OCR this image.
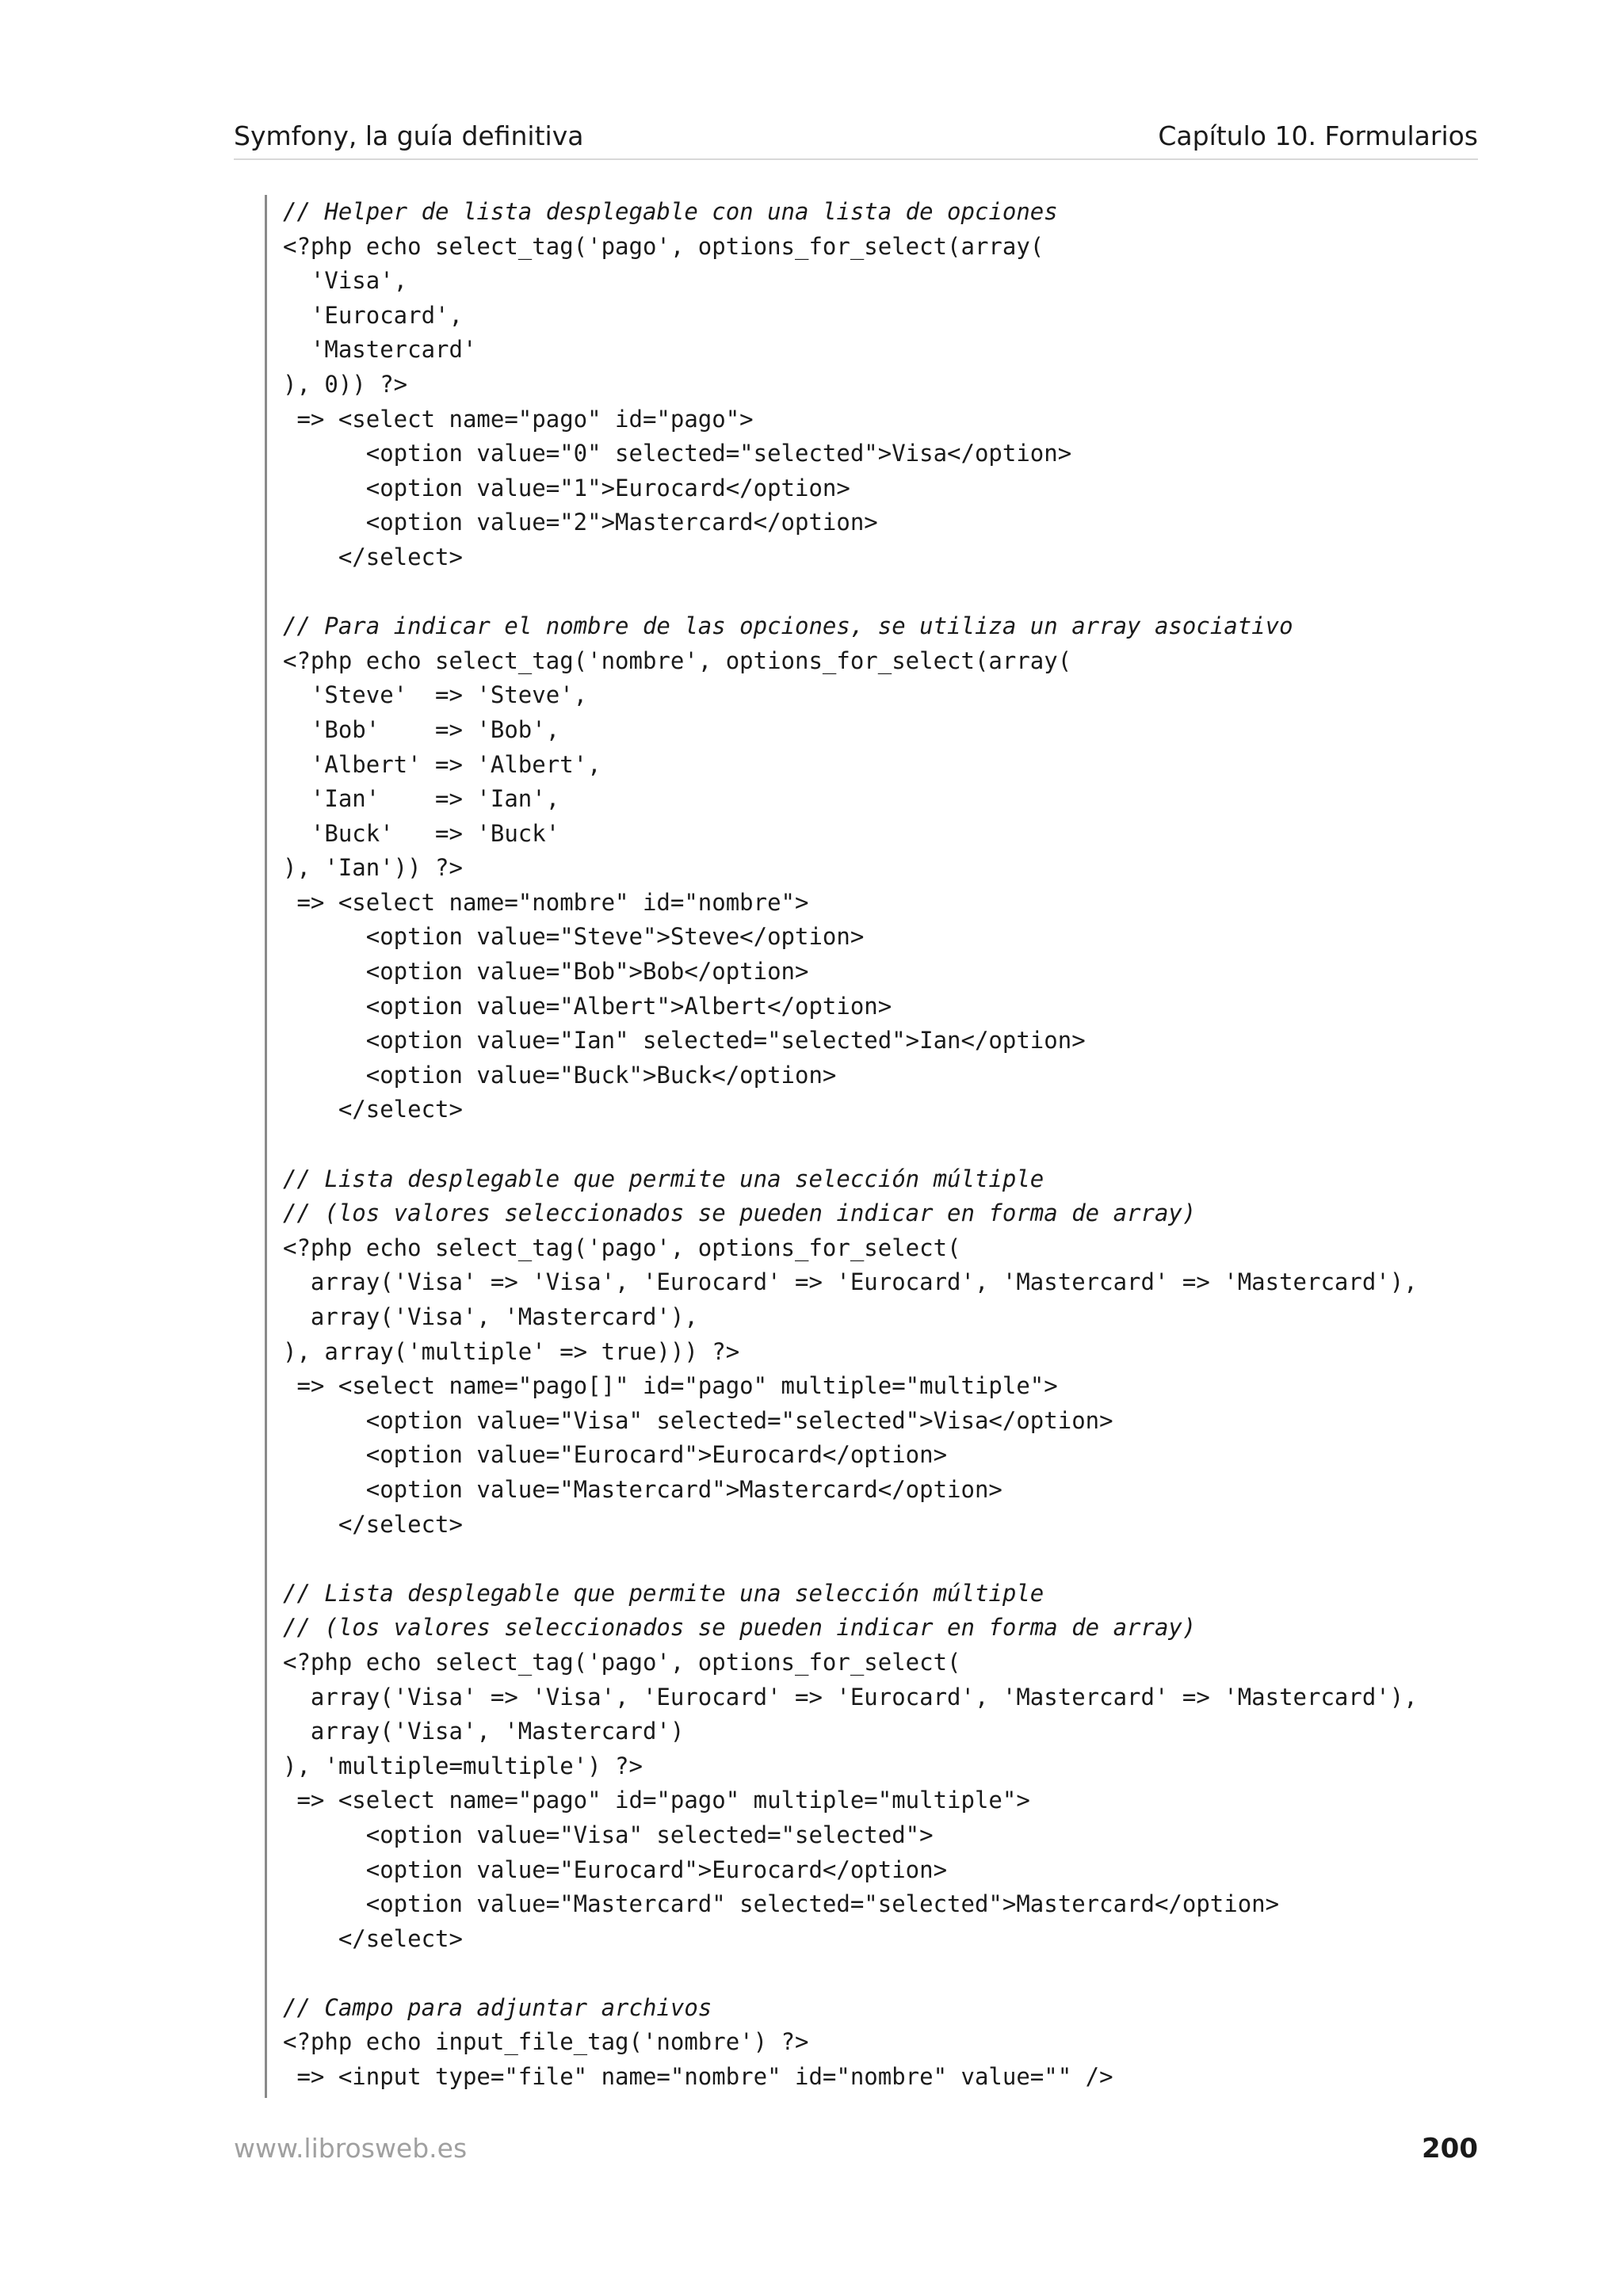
Symfony, la guía definitiva	Capítulo 10. Formularios
// Helper de lista desplegable con una lista de opciones
<?php echo select_tag('pago', options_for_select(array(
'Visa',
'Eurocard',
'Mastercard'
), 0)) ?>
=> <select name="pago" id="pago">
<option value="0" selected="selected">Visa</option>
<option value="1">Eurocard</option>
<option value="2">Mastercard</option>
</select>
// Para indicar el nombre de las opciones, se utiliza un array asociativo
<?php echo select_tag('nombre', options_for_select(array(
'Steve'  => 'Steve',
'Bob'    => 'Bob',
'Albert' => 'Albert',
'Ian'    => 'Ian',
'Buck'   => 'Buck'
), 'Ian')) ?>
=> <select name="nombre" id="nombre">
<option value="Steve">Steve</option>
<option value="Bob">Bob</option>
<option value="Albert">Albert</option>
<option value="Ian" selected="selected">Ian</option>
<option value="Buck">Buck</option>
</select>
// Lista desplegable que permite una selección múltiple
// (los valores seleccionados se pueden indicar en forma de array)
<?php echo select_tag('pago', options_for_select(
array('Visa' => 'Visa', 'Eurocard' => 'Eurocard', 'Mastercard' => 'Mastercard'),
array('Visa', 'Mastercard'),
), array('multiple' => true))) ?>
=> <select name="pago[]" id="pago" multiple="multiple">
<option value="Visa" selected="selected">Visa</option>
<option value="Eurocard">Eurocard</option>
<option value="Mastercard">Mastercard</option>
</select>
// Lista desplegable que permite una selección múltiple
// (los valores seleccionados se pueden indicar en forma de array)
<?php echo select_tag('pago', options_for_select(
array('Visa' => 'Visa', 'Eurocard' => 'Eurocard', 'Mastercard' => 'Mastercard'),
array('Visa', 'Mastercard')
), 'multiple=multiple') ?>
=> <select name="pago" id="pago" multiple="multiple">
<option value="Visa" selected="selected">
<option value="Eurocard">Eurocard</option>
<option value="Mastercard" selected="selected">Mastercard</option>
</select>
// Campo para adjuntar archivos
<?php echo input_file_tag('nombre') ?>
=> <input type="file" name="nombre" id="nombre" value="" />
www.librosweb.es	200
